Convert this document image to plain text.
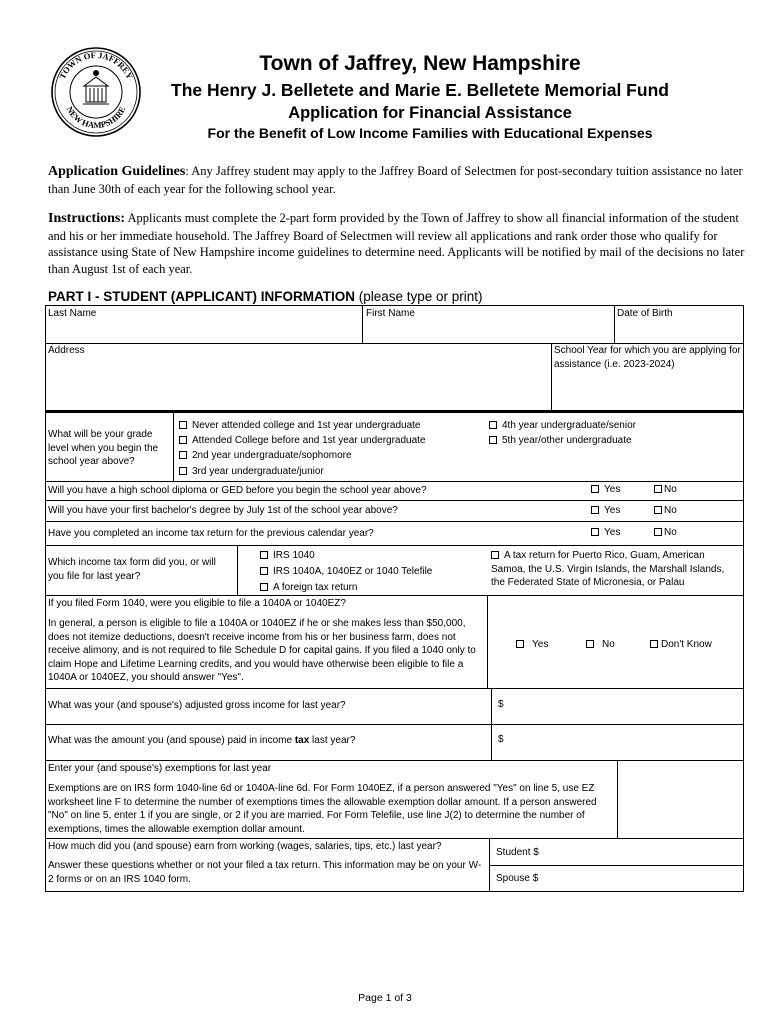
TOWN OF JAFFREY
NEW HAMPSHIRE
Town of Jaffrey, New Hampshire
The Henry J. Belletete and Marie E. Belletete Memorial Fund
Application for Financial Assistance
For the Benefit of Low Income Families with Educational Expenses
Application Guidelines: Any Jaffrey student may apply to the Jaffrey Board of Selectmen for post-secondary tuition assistance no later than June 30th of each year for the following school year.
Instructions: Applicants must complete the 2-part form provided by the Town of Jaffrey to show all financial information of the student and his or her immediate household. The Jaffrey Board of Selectmen will review all applications and rank order those who qualify for assistance using State of New Hampshire income guidelines to determine need. Applicants will be notified by mail of the decisions no later than August 1st of each year.
PART I - STUDENT (APPLICANT) INFORMATION (please type or print)
Last Name	First Name	Date of Birth
Address	School Year for which you are applying for assistance (i.e. 2023-2024)
What will be your grade level when you begin the school year above?
Never attended college and 1st year undergraduate
Attended College before and 1st year undergraduate
2nd year undergraduate/sophomore
3rd year undergraduate/junior
4th year undergraduate/senior
5th year/other undergraduate
Will you have a high school diploma or GED before you begin the school year above?	Yes	No
Will you have your first bachelor's degree by July 1st of the school year above?	Yes	No
Have you completed an income tax return for the previous calendar year?	Yes	No
Which income tax form did you, or will you file for last year?
IRS 1040
IRS 1040A, 1040EZ or 1040 Telefile
A foreign tax return
A tax return for Puerto Rico, Guam, American Samoa, the U.S. Virgin Islands, the Marshall Islands, the Federated State of Micronesia, or Palau
If you filed Form 1040, were you eligible to file a 1040A or 1040EZ?
In general, a person is eligible to file a 1040A or 1040EZ if he or she makes less than $50,000, does not itemize deductions, doesn't receive income from his or her business farm, does not receive alimony, and is not required to file Schedule D for capital gains. If you filed a 1040 only to claim Hope and Lifetime Learning credits, and you would have otherwise been eligible to file a 1040A or 1040EZ, you should answer "Yes".
Yes	No	Don't Know
What was your (and spouse's) adjusted gross income for last year?	$
What was the amount you (and spouse) paid in income tax last year?	$
Enter your (and spouse's) exemptions for last year
Exemptions are on IRS form 1040-line 6d or 1040A-line 6d. For Form 1040EZ, if a person answered "Yes" on line 5, use EZ worksheet line F to determine the number of exemptions times the allowable exemption dollar amount. If a person answered "No" on line 5, enter 1 if you are single, or 2 if you are married. For Form Telefile, use line J(2) to determine the number of exemptions, times the allowable exemption dollar amount.
How much did you (and spouse) earn from working (wages, salaries, tips, etc.) last year?
Answer these questions whether or not your filed a tax return. This information may be on your W-2 forms or on an IRS 1040 form.
Student $
Spouse $
Page 1 of 3
